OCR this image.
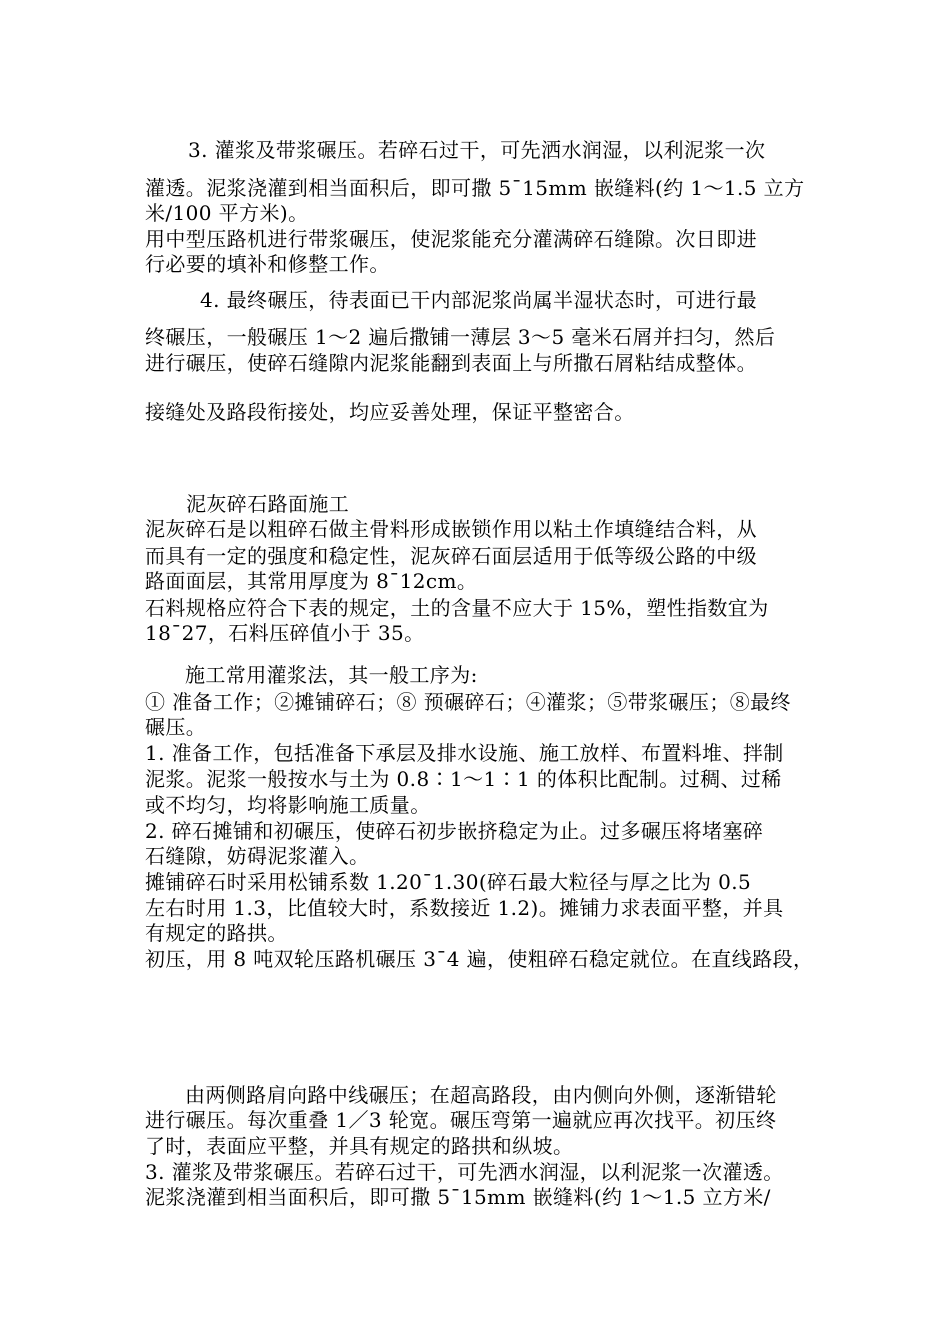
3. 灌浆及带浆碾压。若碎石过干，可先洒水润湿，以利泥浆一次

灌透。泥浆浇灌到相当面积后，即可撒 5¯15mm 嵌缝料(约 1～1.5 立方

米/100 平方米)。

用中型压路机进行带浆碾压，使泥浆能充分灌满碎石缝隙。次日即进

行必要的填补和修整工作。

4. 最终碾压，待表面已干内部泥浆尚属半湿状态时，可进行最

终碾压，一般碾压 1～2 遍后撒铺一薄层 3～5 毫米石屑并扫匀，然后

进行碾压，使碎石缝隙内泥浆能翻到表面上与所撒石屑粘结成整体。

接缝处及路段衔接处，均应妥善处理，保证平整密合。

泥灰碎石路面施工

泥灰碎石是以粗碎石做主骨料形成嵌锁作用以粘土作填缝结合料，从

而具有一定的强度和稳定性，泥灰碎石面层适用于低等级公路的中级

路面面层，其常用厚度为 8¯12cm。

石料规格应符合下表的规定，土的含量不应大于 15%，塑性指数宜为

18¯27，石料压碎值小于 35。

施工常用灌浆法，其一般工序为:

① 准备工作；②摊铺碎石；⑧ 预碾碎石；④灌浆；⑤带浆碾压；⑧最终

碾压。

1. 准备工作，包括准备下承层及排水设施、施工放样、布置料堆、拌制

泥浆。泥浆一般按水与土为 0.8∶1～1∶1 的体积比配制。过稠、过稀

或不均匀，均将影响施工质量。

2. 碎石摊铺和初碾压，使碎石初步嵌挤稳定为止。过多碾压将堵塞碎

石缝隙，妨碍泥浆灌入。

摊铺碎石时采用松铺系数 1.20¯1.30(碎石最大粒径与厚之比为 0.5

左右时用 1.3，比值较大时，系数接近 1.2)。摊铺力求表面平整，并具

有规定的路拱。

初压，用 8 吨双轮压路机碾压 3¯4 遍，使粗碎石稳定就位。在直线路段，

由两侧路肩向路中线碾压；在超高路段，由内侧向外侧，逐渐错轮

进行碾压。每次重叠 1／3 轮宽。碾压弯第一遍就应再次找平。初压终

了时，表面应平整，并具有规定的路拱和纵坡。

3. 灌浆及带浆碾压。若碎石过干，可先洒水润湿，以利泥浆一次灌透。

泥浆浇灌到相当面积后，即可撒 5¯15mm 嵌缝料(约 1～1.5 立方米/
